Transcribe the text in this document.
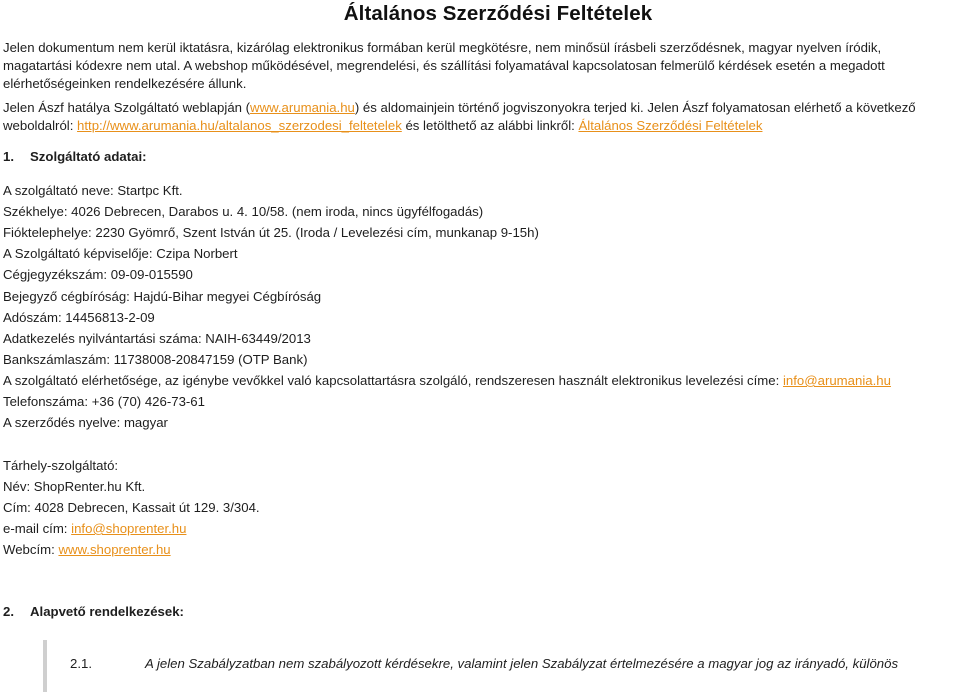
Általános Szerződési Feltételek
Jelen dokumentum nem kerül iktatásra, kizárólag elektronikus formában kerül megkötésre, nem minősül írásbeli szerződésnek, magyar nyelven íródik, magatartási kódexre nem utal. A webshop működésével, megrendelési, és szállítási folyamatával kapcsolatosan felmerülő kérdések esetén a megadott elérhetőségeinken rendelkezésére állunk.
Jelen Ászf hatálya Szolgáltató weblapján (www.arumania.hu) és aldomainjein történő jogviszonyokra terjed ki. Jelen Ászf folyamatosan elérhető a következő weboldalról: http://www.arumania.hu/altalanos_szerzodesi_feltetelek és letölthető az alábbi linkről: Általános Szerződési Feltételek
1. Szolgáltató adatai:
A szolgáltató neve: Startpc Kft.
Székhelye: 4026 Debrecen, Darabos u. 4. 10/58. (nem iroda, nincs ügyfélfogadás)
Fióktelephelye: 2230 Gyömrő, Szent István út 25. (Iroda / Levelezési cím, munkanap 9-15h)
A Szolgáltató képviselője: Czipa Norbert
Cégjegyzékszám: 09-09-015590
Bejegyző cégbíróság: Hajdú-Bihar megyei Cégbíróság
Adószám: 14456813-2-09
Adatkezelés nyilvántartási száma: NAIH-63449/2013
Bankszámlaszám: 11738008-20847159 (OTP Bank)
A szolgáltató elérhetősége, az igénybe vevőkkel való kapcsolattartásra szolgáló, rendszeresen használt elektronikus levelezési címe: info@arumania.hu
Telefonszáma: +36 (70) 426-73-61
A szerződés nyelve: magyar
Tárhely-szolgáltató:
Név: ShopRenter.hu Kft.
Cím: 4028 Debrecen, Kassait út 129. 3/304.
e-mail cím: info@shoprenter.hu
Webcím: www.shoprenter.hu
2. Alapvető rendelkezések:
2.1.	A jelen Szabályzatban nem szabályozott kérdésekre, valamint jelen Szabályzat értelmezésére a magyar jog az irányadó, különös
